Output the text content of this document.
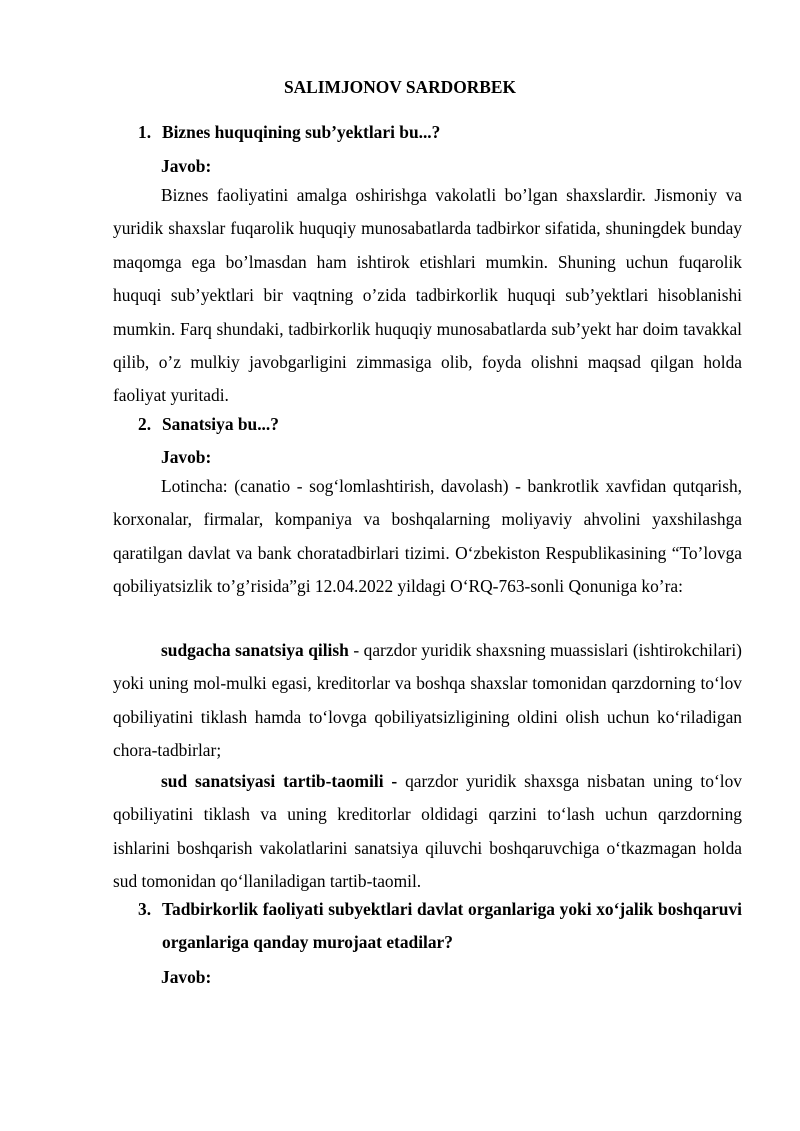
SALIMJONOV SARDORBEK
1. Biznes huquqining sub’yektlari bu...?
Javob:
Biznes faoliyatini amalga oshirishga vakolatli bo’lgan shaxslardir. Jismoniy va yuridik shaxslar fuqarolik huquqiy munosabatlarda tadbirkor sifatida, shuningdek bunday maqomga ega bo’lmasdan ham ishtirok etishlari mumkin. Shuning uchun fuqarolik huquqi sub’yektlari bir vaqtning o’zida tadbirkorlik huquqi sub’yektlari hisoblanishi mumkin. Farq shundaki, tadbirkorlik huquqiy munosabatlarda sub’yekt har doim tavakkal qilib, o’z mulkiy javobgarligini zimmasiga olib, foyda olishni maqsad qilgan holda faoliyat yuritadi.
2. Sanatsiya bu...?
Javob:
Lotincha: (canatio - sog‘lomlashtirish, davolash) - bankrotlik xavfidan qutqarish, korxonalar, firmalar, kompaniya va boshqalarning moliyaviy ahvolini yaxshilashga qaratilgan davlat va bank choratadbirlari tizimi. O‘zbekiston Respublikasining “To’lovga qobiliyatsizlik to’g’risida”gi 12.04.2022 yildagi O‘RQ-763-sonli Qonuniga ko’ra:
sudgacha sanatsiya qilish - qarzdor yuridik shaxsning muassislari (ishtirokchilari) yoki uning mol-mulki egasi, kreditorlar va boshqa shaxslar tomonidan qarzdorning to‘lov qobiliyatini tiklash hamda to‘lovga qobiliyatsizligining oldini olish uchun ko‘riladigan chora-tadbirlar;
sud sanatsiyasi tartib-taomili - qarzdor yuridik shaxsga nisbatan uning to‘lov qobiliyatini tiklash va uning kreditorlar oldidagi qarzini to‘lash uchun qarzdorning ishlarini boshqarish vakolatlarini sanatsiya qiluvchi boshqaruvchiga o‘tkazmagan holda sud tomonidan qo‘llaniladigan tartib-taomil.
3. Tadbirkorlik faoliyati subyektlari davlat organlariga yoki xo‘jalik boshqaruvi organlariga qanday murojaat etadilar?
Javob:
